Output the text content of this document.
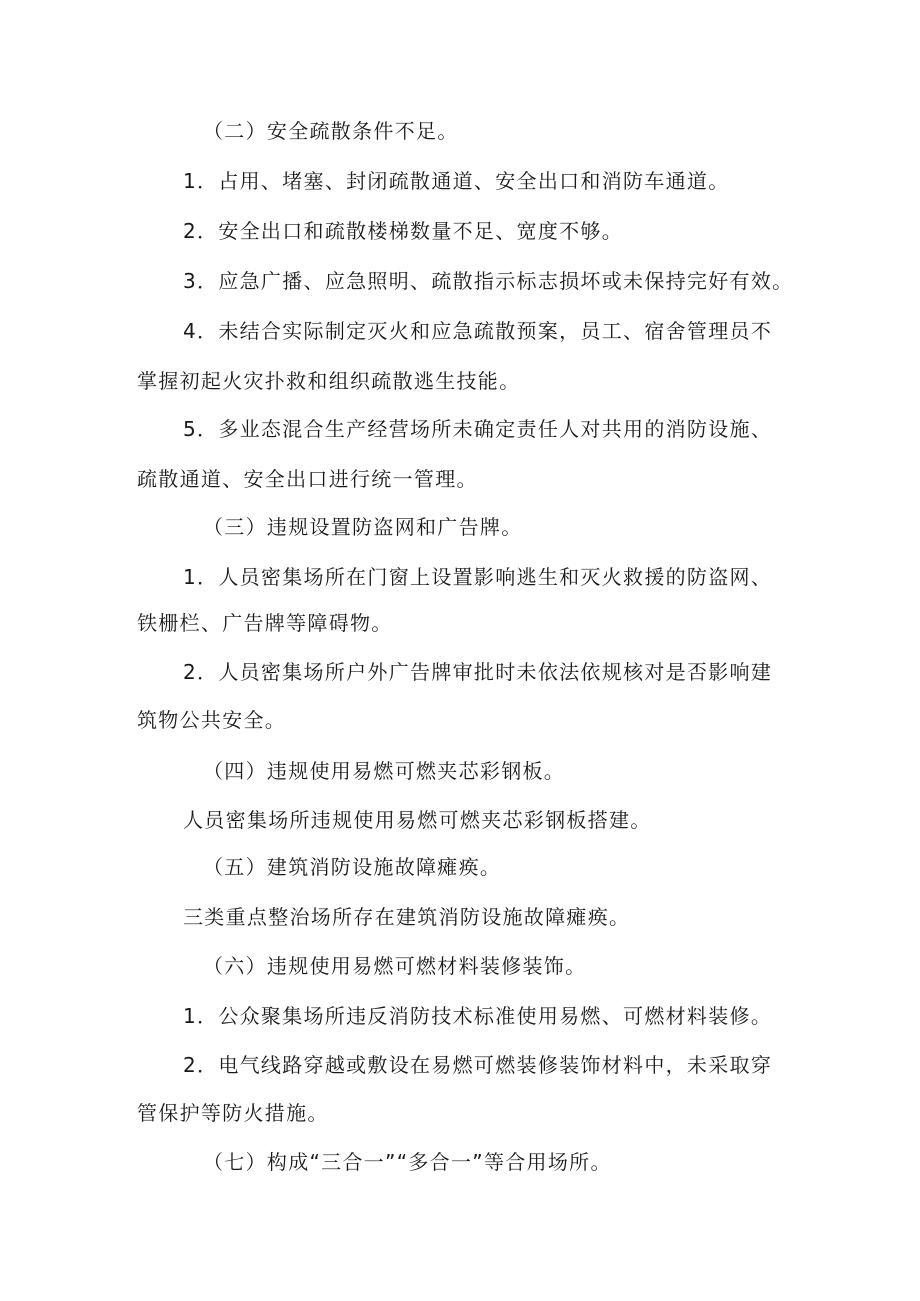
（二）安全疏散条件不足。
1．占用、堵塞、封闭疏散通道、安全出口和消防车通道。
2．安全出口和疏散楼梯数量不足、宽度不够。
3．应急广播、应急照明、疏散指示标志损坏或未保持完好有效。
4．未结合实际制定灭火和应急疏散预案，员工、宿舍管理员不
掌握初起火灾扑救和组织疏散逃生技能。
5．多业态混合生产经营场所未确定责任人对共用的消防设施、
疏散通道、安全出口进行统一管理。
（三）违规设置防盗网和广告牌。
1．人员密集场所在门窗上设置影响逃生和灭火救援的防盗网、
铁栅栏、广告牌等障碍物。
2．人员密集场所户外广告牌审批时未依法依规核对是否影响建
筑物公共安全。
（四）违规使用易燃可燃夹芯彩钢板。
人员密集场所违规使用易燃可燃夹芯彩钢板搭建。
（五）建筑消防设施故障瘫痪。
三类重点整治场所存在建筑消防设施故障瘫痪。
（六）违规使用易燃可燃材料装修装饰。
1．公众聚集场所违反消防技术标准使用易燃、可燃材料装修。
2．电气线路穿越或敷设在易燃可燃装修装饰材料中，未采取穿
管保护等防火措施。
（七）构成“三合一”“多合一”等合用场所。
